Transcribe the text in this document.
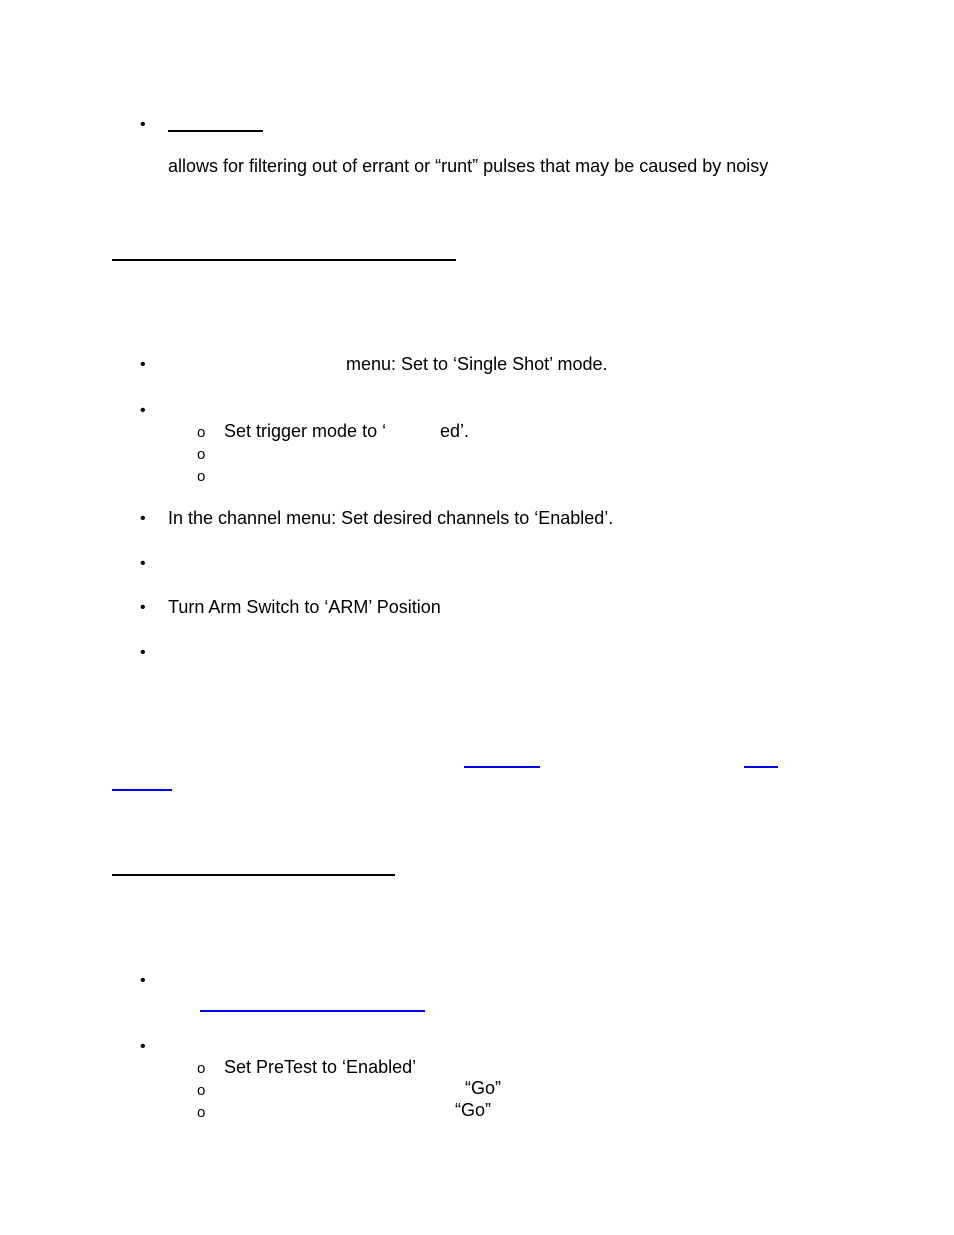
•
allows for filtering out of errant or “runt” pulses that may be caused by noisy
•	menu: Set to ‘Single Shot’ mode.
•
o Set trigger mode to ‘	ed’.
o
o
• In the channel menu: Set desired channels to ‘Enabled’.
•
• Turn Arm Switch to ‘ARM’ Position
•
•
•
o Set PreTest to ‘Enabled’
o	“Go”
o	“Go”
